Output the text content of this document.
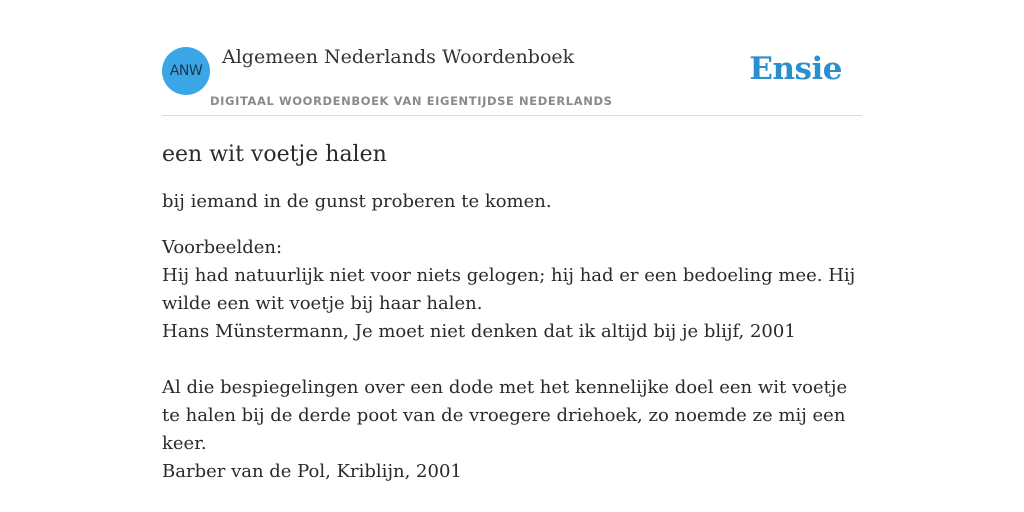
ANW
Algemeen Nederlands Woordenboek
DIGITAAL WOORDENBOEK VAN EIGENTIJDSE NEDERLANDS
Ensie
een wit voetje halen

bij iemand in de gunst proberen te komen.

Voorbeelden:

Hij had natuurlijk niet voor niets gelogen; hij had er een bedoeling mee. Hij wilde een wit voetje bij haar halen.

Hans Münstermann, Je moet niet denken dat ik altijd bij je blijf, 2001

Al die bespiegelingen over een dode met het kennelijke doel een wit voetje te halen bij de derde poot van de vroegere driehoek, zo noemde ze mij een keer.

Barber van de Pol, Kriblijn, 2001
